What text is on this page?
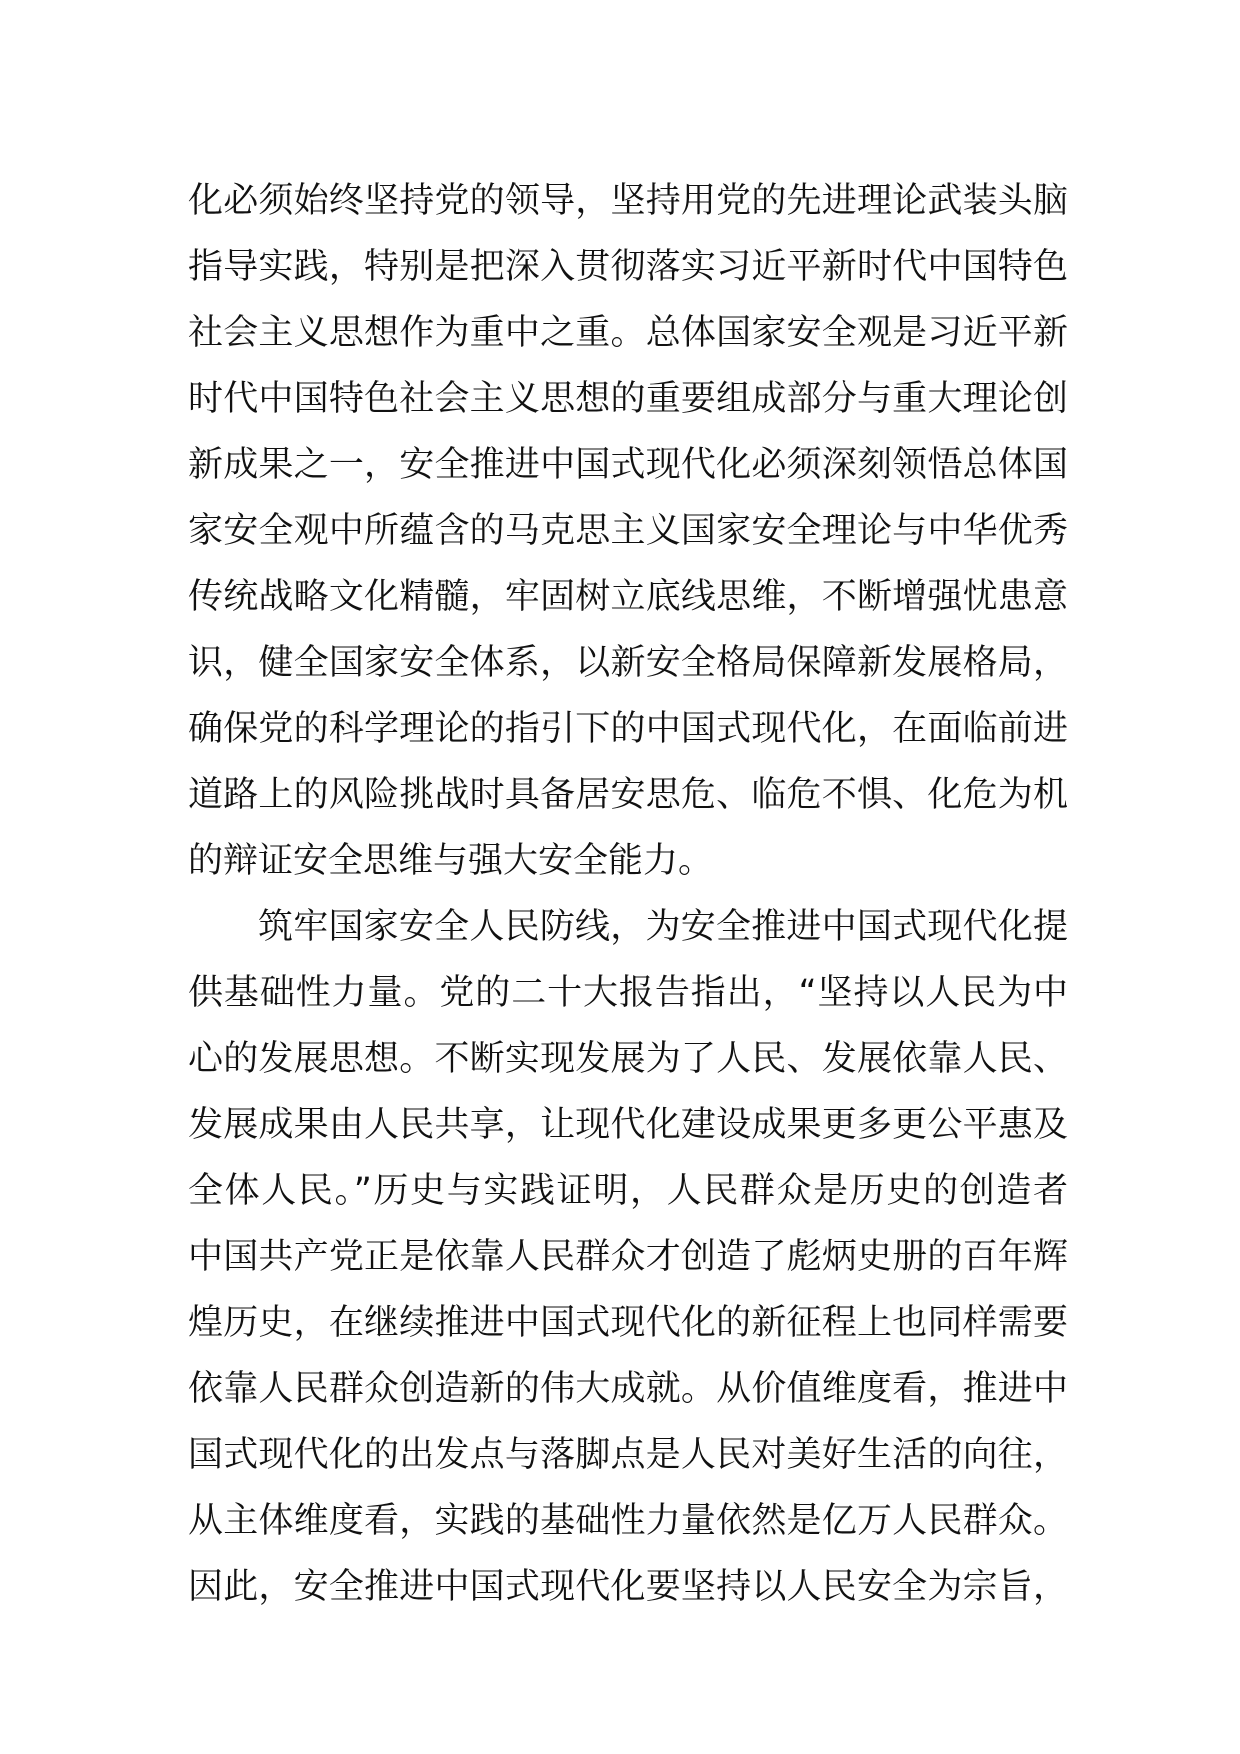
化必须始终坚持党的领导，坚持用党的先进理论武装头脑
指导实践，特别是把深入贯彻落实习近平新时代中国特色
社会主义思想作为重中之重。总体国家安全观是习近平新
时代中国特色社会主义思想的重要组成部分与重大理论创
新成果之一，安全推进中国式现代化必须深刻领悟总体国
家安全观中所蕴含的马克思主义国家安全理论与中华优秀
传统战略文化精髓，牢固树立底线思维，不断增强忧患意
识，健全国家安全体系，以新安全格局保障新发展格局，
确保党的科学理论的指引下的中国式现代化，在面临前进
道路上的风险挑战时具备居安思危、临危不惧、化危为机
的辩证安全思维与强大安全能力。
筑牢国家安全人民防线，为安全推进中国式现代化提
供基础性力量。党的二十大报告指出，“坚持以人民为中
心的发展思想。不断实现发展为了人民、发展依靠人民、
发展成果由人民共享，让现代化建设成果更多更公平惠及
全体人民。”历史与实践证明，人民群众是历史的创造者
中国共产党正是依靠人民群众才创造了彪炳史册的百年辉
煌历史，在继续推进中国式现代化的新征程上也同样需要
依靠人民群众创造新的伟大成就。从价值维度看，推进中
国式现代化的出发点与落脚点是人民对美好生活的向往，
从主体维度看，实践的基础性力量依然是亿万人民群众。
因此，安全推进中国式现代化要坚持以人民安全为宗旨，
